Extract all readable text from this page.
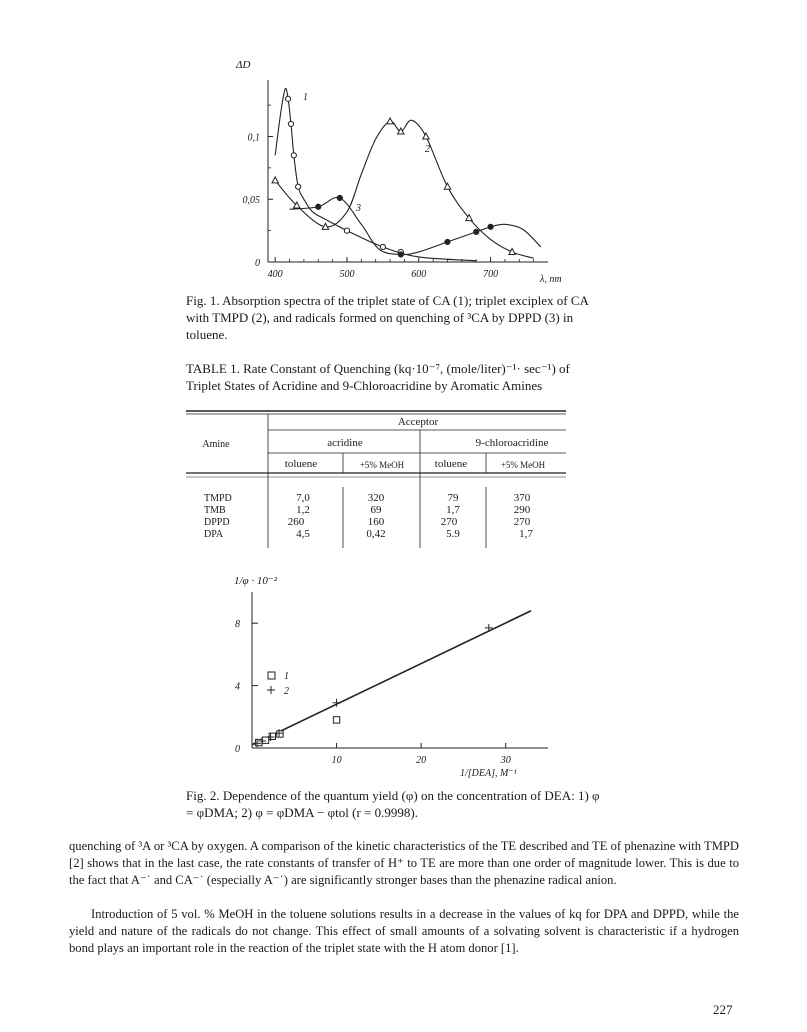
400	500	600	700
0
0,05
0,1
ΔD
λ, nm
1
2
3

Fig. 1. Absorption spectra of the triplet state of CA (1); triplet exciplex of CA with TMPD (2), and radicals formed on quenching of ³CA by DPPD (3) in toluene.

TABLE 1. Rate Constant of Quenching (kq·10⁻⁷, (mole/liter)⁻¹· sec⁻¹) of Triplet States of Acridine and 9-Chloroacridine by Aromatic Amines

Acceptor
Amine	acridine	9-chloroacridine
toluene	+5% MeOH	toluene	+5% MeOH
TMPD	7,0	320	79	370
TMB	1,2	69	1,7	290
DPPD	260	160	270	270
DPA	4,5	0,42	5.9	1,7
10	20	30
0
4
8
1/φ · 10⁻²
1/[DEA], M⁻¹
1
2

Fig. 2. Dependence of the quantum yield (φ) on the concentration of DEA: 1) φ = φDMA; 2) φ = φDMA − φtol (r = 0.9998).

quenching of ³A or ³CA by oxygen. A comparison of the kinetic characteristics of the TE described and TE of phenazine with TMPD [2] shows that in the last case, the rate constants of transfer of H⁺ to TE are more than one order of magnitude lower. This is due to the fact that A⁻˙ and CA⁻˙ (especially A⁻˙) are significantly stronger bases than the phenazine radical anion.

Introduction of 5 vol. % MeOH in the toluene solutions results in a decrease in the values of kq for DPA and DPPD, while the yield and nature of the radicals do not change. This effect of small amounts of a solvating solvent is characteristic if a hydrogen bond plays an important role in the reaction of the triplet state with the H atom donor [1].

227
